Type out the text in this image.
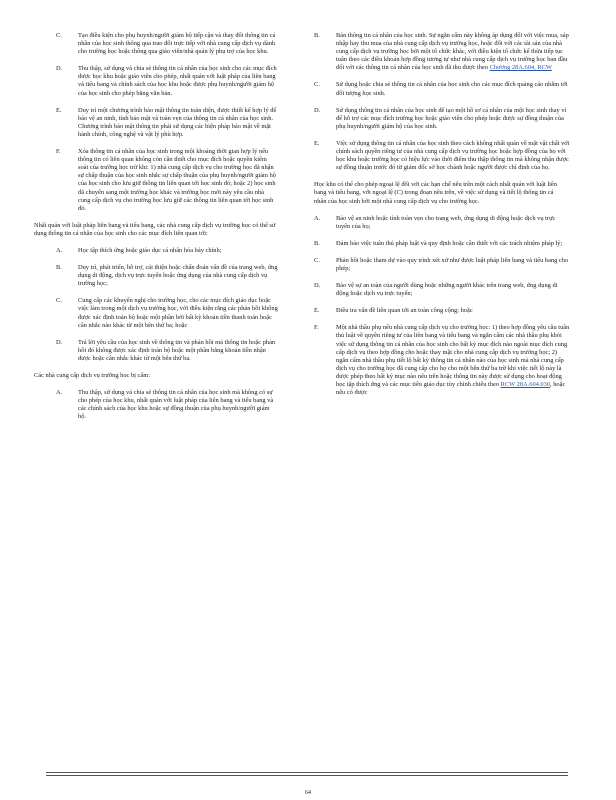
C.	Tạo điều kiện cho phụ huynh/người giám hộ tiếp cận và thay đổi thông tin cá nhân của học sinh thông qua trao đổi trực tiếp với nhà cung cấp dịch vụ dành cho trường học hoặc thông qua giáo viên/nhà quản lý phụ trợ của học khu.
D.	Thu thập, sử dụng và chia sẻ thông tin cá nhân của học sinh cho các mục đích được học khu hoặc giáo viên cho phép, nhất quán với luật pháp của liên bang và tiểu bang và chính sách của học khu hoặc được phụ huynh/người giám hộ của học sinh cho phép bằng văn bản.
E.	Duy trì một chương trình bảo mật thông tin toàn diện, được thiết kế hợp lý để bảo vệ an ninh, tính bảo mật và toàn vẹn của thông tin cá nhân của học sinh. Chương trình bảo mật thông tin phải sử dụng các biện pháp bảo mật về mặt hành chính, công nghệ và vật lý phù hợp.
F.	Xóa thông tin cá nhân của học sinh trong một khoảng thời gian hợp lý nếu thông tin có liên quan không còn cần thiết cho mục đích hoặc quyền kiểm soát của trường học trừ khi: 1) nhà cung cấp dịch vụ cho trường học đã nhận sự chấp thuận của học sinh nhắc sự chấp thuận của phụ huynh/người giám hộ của học sinh cho lưu giữ thông tin liên quan tới học sinh đó; hoặc 2) học sinh đã chuyển sang một trường học khác và trường học mới này yêu cầu nhà cung cấp dịch vụ cho trường học lưu giữ các thông tin liên quan tới học sinh đó.

Nhất quán với luật pháp liên bang và tiểu bang, các nhà cung cấp dịch vụ trường học có thể sử dụng thông tin cá nhân của học sinh cho các mục đích liên quan tới:

A.	Học tập thích ứng hoặc giáo dục cá nhân hóa bảy chỉnh;
B.	Duy trì, phát triển, hỗ trợ, cải thiện hoặc chẩn đoán vấn đề của trang web, ứng dụng di động, dịch vụ trực tuyến hoặc ứng dụng của nhà cung cấp dịch vụ trường học;
C.	Cung cấp các khuyến nghị cho trường học, cho các mục đích giáo dục hoặc việc làm trong một dịch vụ trường học, với điều kiện rằng các phản hồi không được xác định toàn bộ hoặc một phần bởi bất kỳ khoản tiền thanh toán hoặc cân nhắc nào khác từ một bên thứ ba; hoặc
D.	Trả lời yêu cầu của học sinh về thông tin và phản hồi mà thông tin hoặc phản hồi đó không được xác định toàn bộ hoặc một phần bằng khoản tiền nhận được hoặc cân nhắc khác từ một bên thứ ba.

Các nhà cung cấp dịch vụ trường học bị cấm:

A.	Thu thập, sử dụng và chia sẻ thông tin cá nhân của học sinh mà không có sự cho phép của học khu, nhất quán với luật pháp của liên bang và tiểu bang và các chính sách của học khu hoặc sự đồng thuận của phụ huynh/người giám hộ.
B.	Bán thông tin cá nhân của học sinh. Sự ngăn cấm này không áp dụng đối với việc mua, sáp nhập hay thu mua của nhà cung cấp dịch vụ trường học, hoặc đối với các tài sản của nhà cung cấp dịch vụ trường học bởi một tổ chức khác, với điều kiện tổ chức kế thừa tiếp tục tuân theo các điều khoản hợp đồng tương tự như nhà cung cấp dịch vụ trường học ban đầu đối với các thông tin cá nhân của học sinh đã thu được theo Chương 28A.604, RCW
C.	Sử dụng hoặc chia sẻ thông tin cá nhân của học sinh cho các mục đích quảng cáo nhắm tới đối tượng học sinh.
D.	Sử dụng thông tin cá nhân của học sinh để tạo một hồ sơ cá nhân của một học sinh thay vì để hỗ trợ các mục đích trường học hoặc giáo viên cho phép hoặc được sự đồng thuận của phụ huynh/người giám hộ của học sinh.
E.	Việc sử dụng thông tin cá nhân của học sinh theo cách không nhất quán về mặt vật chất với chính sách quyền riêng tư của nhà cung cấp dịch vụ trường học hoặc hợp đồng của họ với học khu hoặc trường học có hiệu lực vào thời điểm thu thập thông tin mà không nhận được sự đồng thuận trước đó từ giám đốc sở học chánh hoặc người được chỉ định của họ.

Học khu có thể cho phép ngoại lệ đối với các hạn chế nêu trên một cách nhất quán với luật liên bang và tiểu bang, với ngoại lệ (C) trong đoạn nêu trên, về việc sử dụng và tiết lộ thông tin cá nhân của học sinh bởi một nhà cung cấp dịch vụ cho trường học.

A.	Bảo vệ an ninh hoặc tính toàn vẹn cho trang web, ứng dụng di động hoặc dịch vụ trực tuyến của họ;
B.	Đảm bảo việc tuân thủ pháp luật và quy định hoặc cần thiết với các trách nhiệm pháp lý;
C.	Phản hồi hoặc tham dự vào quy trình xét xử như được luật pháp liên bang và tiểu bang cho phép;
D.	Bảo vệ sự an toàn của người dùng hoặc những người khác trên trang web, ứng dụng di động hoặc dịch vụ trực tuyến;
E.	Điều tra vấn đề liên quan tới an toàn công cộng; hoặc
F.	Một nhà thầu phụ nếu nhà cung cấp dịch vụ cho trường học: 1) theo hợp đồng yêu cầu tuân thủ luật về quyền riêng tư của liên bang và tiểu bang và ngăn cấm các nhà thầu phụ khỏi việc sử dụng thông tin cá nhân của học sinh cho bất kỳ mục đích nào ngoài mục đích cung cấp dịch vụ theo hợp đồng cho hoặc thay mặt cho nhà cung cấp dịch vụ trường học; 2) ngăn cấm nhà thầu phụ tiết lộ bất kỳ thông tin cá nhân nào của học sinh mà nhà cung cấp dịch vụ cho trường học đã cung cấp cho họ cho một bên thứ ba trừ khi việc tiết lộ này là được phép theo bất kỳ mục nào nêu trên hoặc thông tin này được sử dụng cho hoạt động học tập thích ứng và các mục tiêu giáo dục tùy chỉnh chiểu theo RCW 28A.604.030, hoặc nếu có được
64
